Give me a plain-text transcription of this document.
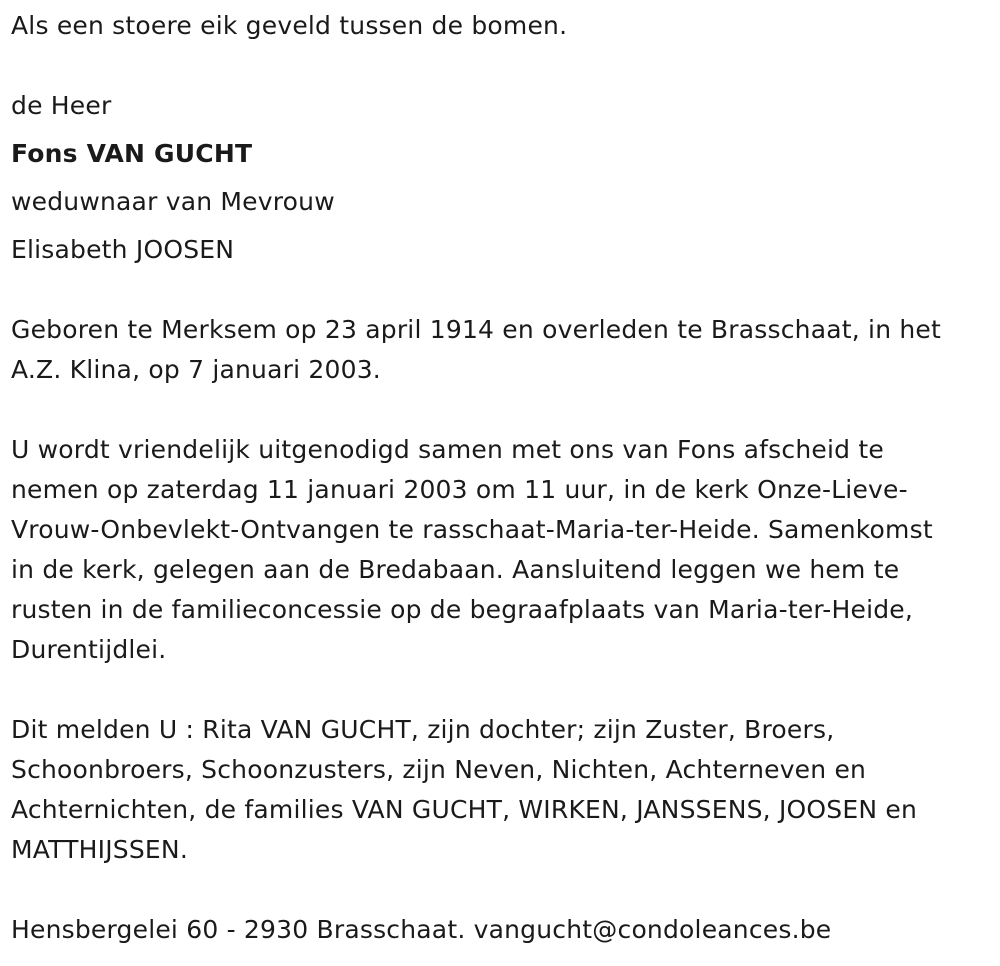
Als een stoere eik geveld tussen de bomen.
de Heer
Fons VAN GUCHT
weduwnaar van Mevrouw
Elisabeth JOOSEN
Geboren te Merksem op 23 april 1914 en overleden te Brasschaat, in het
A.Z. Klina, op 7 januari 2003.
U wordt vriendelijk uitgenodigd samen met ons van Fons afscheid te
nemen op zaterdag 11 januari 2003 om 11 uur, in de kerk Onze-Lieve-
Vrouw-Onbevlekt-Ontvangen te rasschaat-Maria-ter-Heide. Samenkomst
in de kerk, gelegen aan de Bredabaan. Aansluitend leggen we hem te
rusten in de familieconcessie op de begraafplaats van Maria-ter-Heide,
Durentijdlei.
Dit melden U : Rita VAN GUCHT, zijn dochter; zijn Zuster, Broers,
Schoonbroers, Schoonzusters, zijn Neven, Nichten, Achterneven en
Achternichten, de families VAN GUCHT, WIRKEN, JANSSENS, JOOSEN en
MATTHIJSSEN.
Hensbergelei 60 - 2930 Brasschaat. vangucht@condoleances.be
